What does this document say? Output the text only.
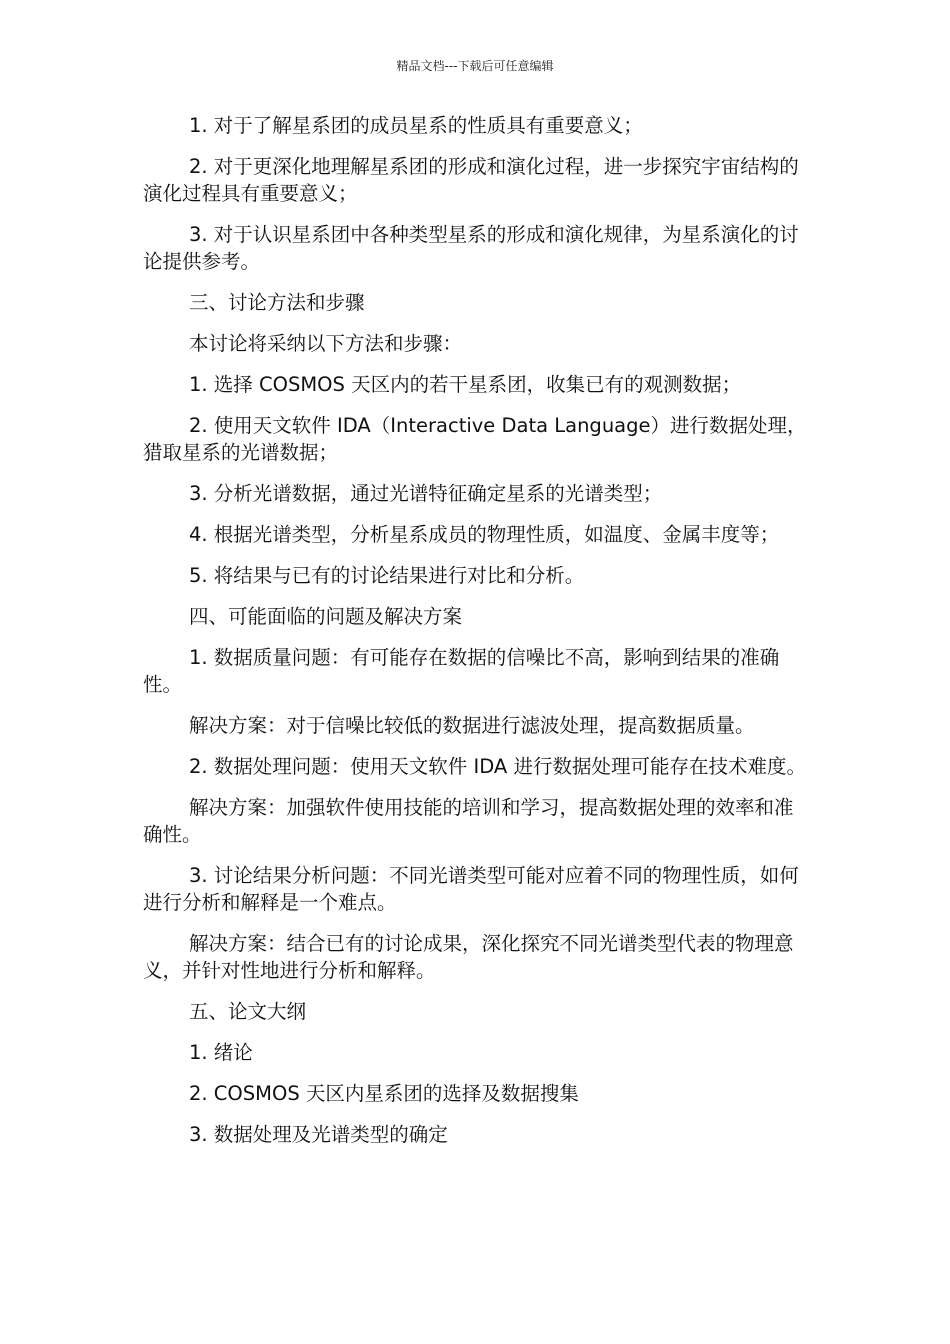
精品文档---下载后可任意编辑

1. 对于了解星系团的成员星系的性质具有重要意义；

2. 对于更深化地理解星系团的形成和演化过程，进一步探究宇宙结构的演化过程具有重要意义；

3. 对于认识星系团中各种类型星系的形成和演化规律，为星系演化的讨论提供参考。

三、讨论方法和步骤

本讨论将采纳以下方法和步骤：

1. 选择 COSMOS 天区内的若干星系团，收集已有的观测数据；

2. 使用天文软件 IDA（Interactive Data Language）进行数据处理，猎取星系的光谱数据；

3. 分析光谱数据，通过光谱特征确定星系的光谱类型；

4. 根据光谱类型，分析星系成员的物理性质，如温度、金属丰度等；

5. 将结果与已有的讨论结果进行对比和分析。

四、可能面临的问题及解决方案

1. 数据质量问题：有可能存在数据的信噪比不高，影响到结果的准确性。

解决方案：对于信噪比较低的数据进行滤波处理，提高数据质量。

2. 数据处理问题：使用天文软件 IDA 进行数据处理可能存在技术难度。

解决方案：加强软件使用技能的培训和学习，提高数据处理的效率和准确性。

3. 讨论结果分析问题：不同光谱类型可能对应着不同的物理性质，如何进行分析和解释是一个难点。

解决方案：结合已有的讨论成果，深化探究不同光谱类型代表的物理意义，并针对性地进行分析和解释。

五、论文大纲

1. 绪论

2. COSMOS 天区内星系团的选择及数据搜集

3. 数据处理及光谱类型的确定
